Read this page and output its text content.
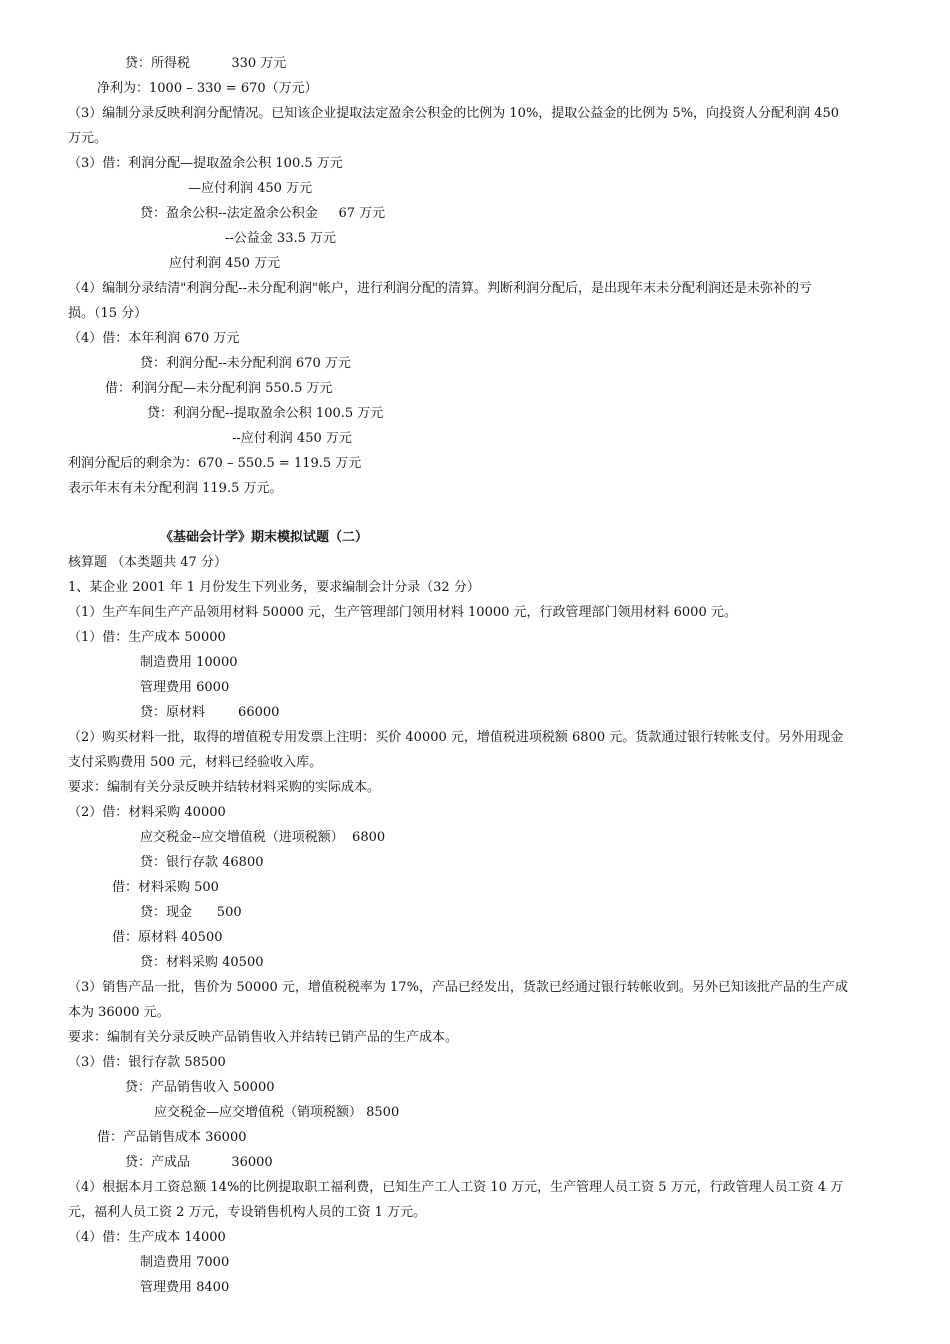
贷：所得税          330 万元
净利为：1000 – 330 = 670（万元）
（3）编制分录反映利润分配情况。已知该企业提取法定盈余公积金的比例为 10%，提取公益金的比例为 5%，向投资人分配利润 450
万元。
（3）借：利润分配—提取盈余公积 100.5 万元
—应付利润 450 万元
贷：盈余公积--法定盈余公积金     67 万元
--公益金 33.5 万元
应付利润 450 万元
（4）编制分录结清"利润分配--未分配利润"帐户，进行利润分配的清算。判断利润分配后，是出现年末未分配利润还是未弥补的亏
损。（15 分）
（4）借：本年利润 670 万元
贷：利润分配--未分配利润 670 万元
借：利润分配—未分配利润 550.5 万元
贷：利润分配--提取盈余公积 100.5 万元
--应付利润 450 万元
利润分配后的剩余为：670 – 550.5 = 119.5 万元
表示年末有未分配利润 119.5 万元。
《基础会计学》期末模拟试题（二）
核算题 （本类题共 47 分）
1、某企业 2001 年 1 月份发生下列业务，要求编制会计分录（32 分）
（1）生产车间生产产品领用材料 50000 元，生产管理部门领用材料 10000 元，行政管理部门领用材料 6000 元。
（1）借：生产成本 50000
制造费用 10000
管理费用 6000
贷：原材料        66000
（2）购买材料一批，取得的增值税专用发票上注明：买价 40000 元，增值税进项税额 6800 元。货款通过银行转帐支付。另外用现金
支付采购费用 500 元，材料已经验收入库。
要求：编制有关分录反映并结转材料采购的实际成本。
（2）借：材料采购 40000
应交税金--应交增值税（进项税额）  6800
贷：银行存款 46800
借：材料采购 500
贷：现金      500
借：原材料 40500
贷：材料采购 40500
（3）销售产品一批，售价为 50000 元，增值税税率为 17%，产品已经发出，货款已经通过银行转帐收到。另外已知该批产品的生产成
本为 36000 元。
要求：编制有关分录反映产品销售收入并结转已销产品的生产成本。
（3）借：银行存款 58500
贷：产品销售收入 50000
应交税金—应交增值税（销项税额） 8500
借：产品销售成本 36000
贷：产成品          36000
（4）根据本月工资总额 14%的比例提取职工福利费，已知生产工人工资 10 万元，生产管理人员工资 5 万元，行政管理人员工资 4 万
元，福利人员工资 2 万元，专设销售机构人员的工资 1 万元。
（4）借：生产成本 14000
制造费用 7000
管理费用 8400
